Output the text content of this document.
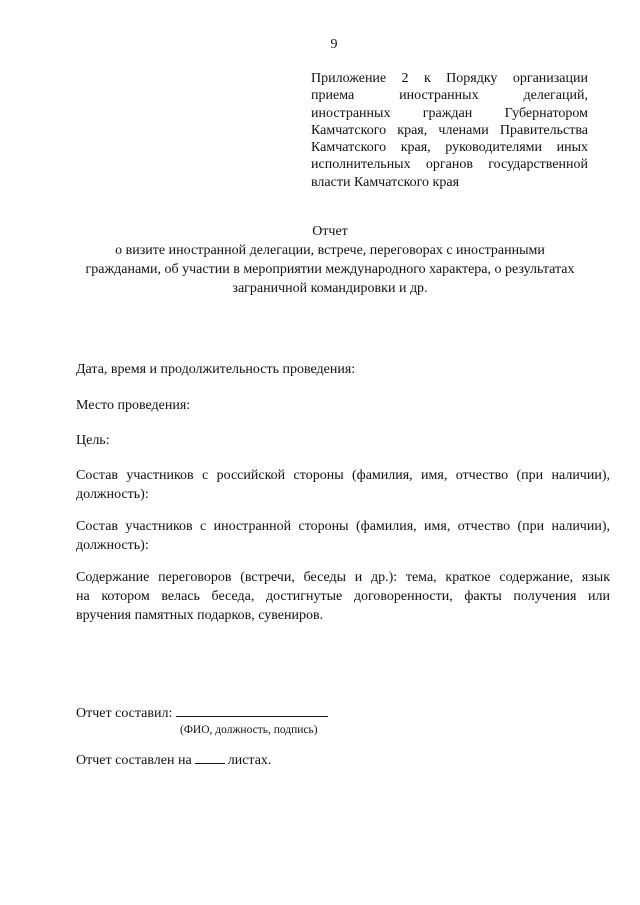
9
Приложение 2 к Порядку организации
приема иностранных делегаций,
иностранных граждан Губернатором
Камчатского края, членами Правительства
Камчатского края, руководителями иных
исполнительных органов государственной
власти Камчатского края
Отчет
о визите иностранной делегации, встрече, переговорах с иностранными
гражданами, об участии в мероприятии международного характера, о результатах
заграничной командировки и др.
Дата, время и продолжительность проведения:
Место проведения:
Цель:
Состав участников с российской стороны (фамилия, имя, отчество (при наличии),
должность):
Состав участников с иностранной стороны (фамилия, имя, отчество (при наличии),
должность):
Содержание переговоров (встречи, беседы и др.): тема, краткое содержание, язык
на котором велась беседа, достигнутые договоренности, факты получения или
вручения памятных подарков, сувениров.
Отчет составил:
(ФИО, должность, подпись)
Отчет составлен на	листах.
